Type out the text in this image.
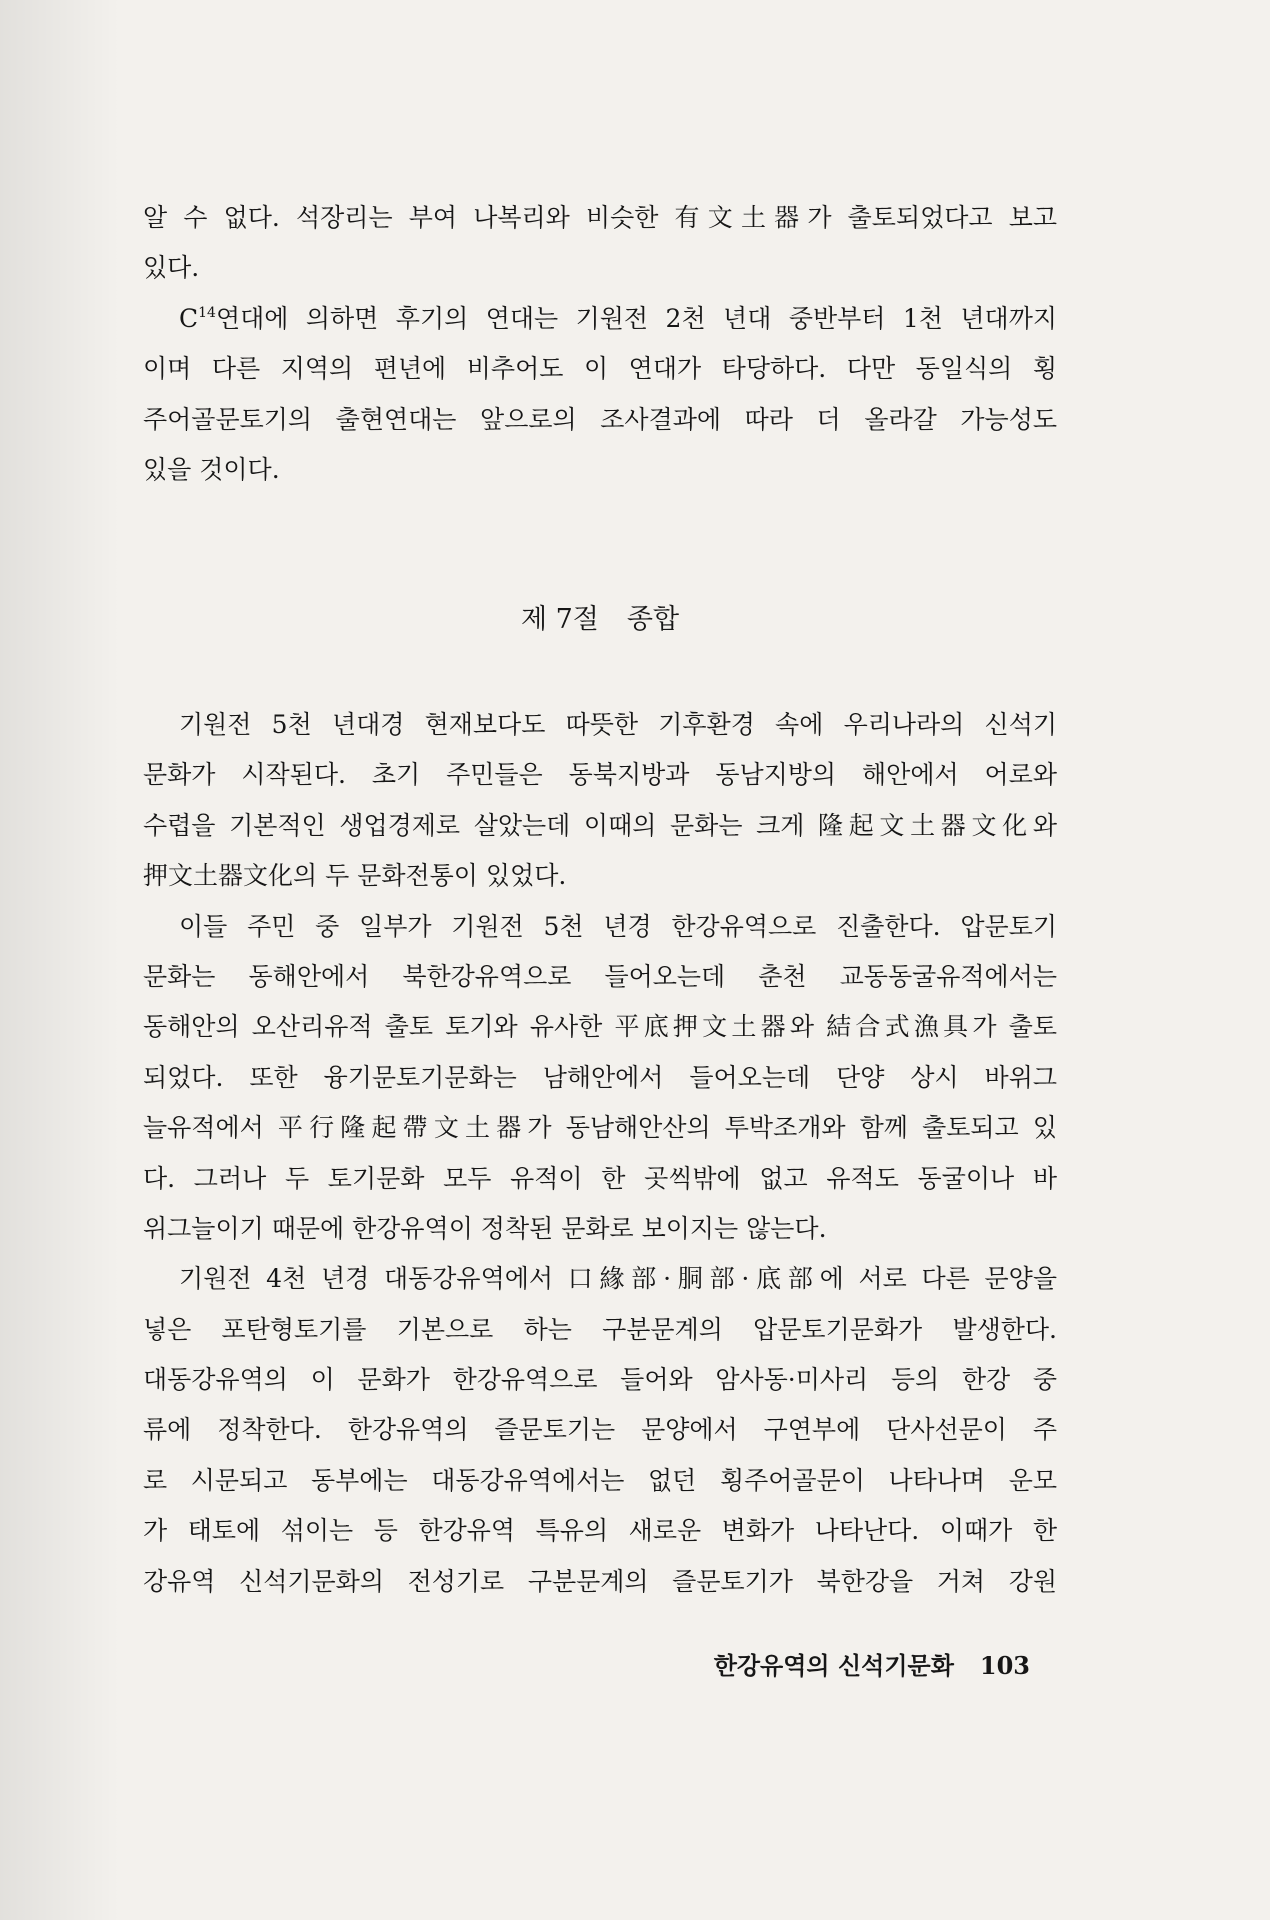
알 수 없다. 석장리는 부여 나복리와 비슷한 有文土器가 출토되었다고 보고
있다.
$C^{14}$연대에 의하면 후기의 연대는 기원전 2천 년대 중반부터 1천 년대까지
이며 다른 지역의 편년에 비추어도 이 연대가 타당하다. 다만 동일식의 횡
주어골문토기의 출현연대는 앞으로의 조사결과에 따라 더 올라갈 가능성도
있을 것이다.
제 7절 종합
기원전 5천 년대경 현재보다도 따뜻한 기후환경 속에 우리나라의 신석기
문화가 시작된다. 초기 주민들은 동북지방과 동남지방의 해안에서 어로와
수렵을 기본적인 생업경제로 살았는데 이때의 문화는 크게 隆起文土器文化와
押文土器文化의 두 문화전통이 있었다.
이들 주민 중 일부가 기원전 5천 년경 한강유역으로 진출한다. 압문토기
문화는 동해안에서 북한강유역으로 들어오는데 춘천 교동동굴유적에서는
동해안의 오산리유적 출토 토기와 유사한 平底押文土器와 結合式漁具가 출토
되었다. 또한 융기문토기문화는 남해안에서 들어오는데 단양 상시 바위그
늘유적에서 平行隆起帶文土器가 동남해안산의 투박조개와 함께 출토되고 있
다. 그러나 두 토기문화 모두 유적이 한 곳씩밖에 없고 유적도 동굴이나 바
위그늘이기 때문에 한강유역이 정착된 문화로 보이지는 않는다.
기원전 4천 년경 대동강유역에서 口緣部·胴部·底部에 서로 다른 문양을
넣은 포탄형토기를 기본으로 하는 구분문계의 압문토기문화가 발생한다.
대동강유역의 이 문화가 한강유역으로 들어와 암사동·미사리 등의 한강 중
류에 정착한다. 한강유역의 즐문토기는 문양에서 구연부에 단사선문이 주
로 시문되고 동부에는 대동강유역에서는 없던 횡주어골문이 나타나며 운모
가 태토에 섞이는 등 한강유역 특유의 새로운 변화가 나타난다. 이때가 한
강유역 신석기문화의 전성기로 구분문계의 즐문토기가 북한강을 거쳐 강원
한강유역의 신석기문화 103
